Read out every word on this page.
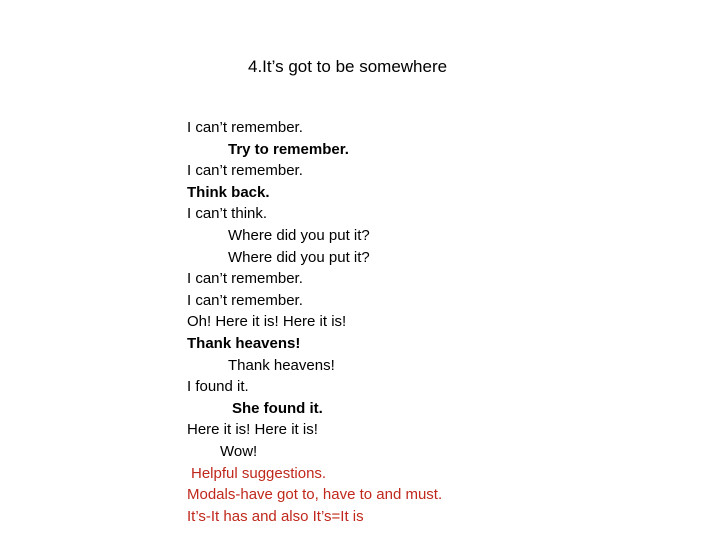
4.It’s got to be somewhere
I can’t remember.
Try to remember.
I can’t remember.
Think back.
I can’t think.
Where did you put it?
Where did you put it?
I can’t remember.
I can’t remember.
Oh! Here it is! Here it is!
Thank heavens!
Thank heavens!
I found it.
She found it.
Here it is! Here it is!
Wow!
Helpful suggestions.
Modals-have got to, have to and must.
It’s-It has and also It’s=It is
